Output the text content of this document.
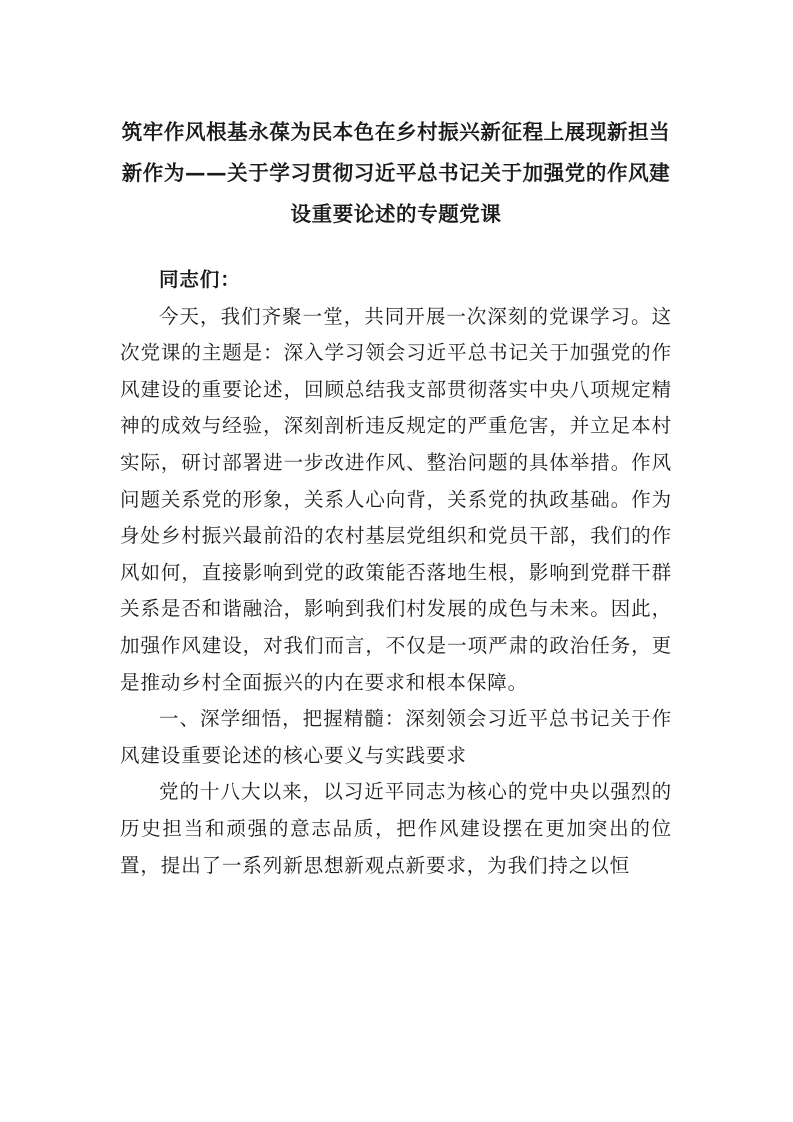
筑牢作风根基永葆为民本色在乡村振兴新征程上展现新担当新作为——关于学习贯彻习近平总书记关于加强党的作风建设重要论述的专题党课

同志们：

今天，我们齐聚一堂，共同开展一次深刻的党课学习。这次党课的主题是：深入学习领会习近平总书记关于加强党的作风建设的重要论述，回顾总结我支部贯彻落实中央八项规定精神的成效与经验，深刻剖析违反规定的严重危害，并立足本村实际，研讨部署进一步改进作风、整治问题的具体举措。作风问题关系党的形象，关系人心向背，关系党的执政基础。作为身处乡村振兴最前沿的农村基层党组织和党员干部，我们的作风如何，直接影响到党的政策能否落地生根，影响到党群干群关系是否和谐融洽，影响到我们村发展的成色与未来。因此，加强作风建设，对我们而言，不仅是一项严肃的政治任务，更是推动乡村全面振兴的内在要求和根本保障。

一、深学细悟，把握精髓：深刻领会习近平总书记关于作风建设重要论述的核心要义与实践要求

党的十八大以来，以习近平同志为核心的党中央以强烈的历史担当和顽强的意志品质，把作风建设摆在更加突出的位置，提出了一系列新思想新观点新要求，为我们持之以恒
